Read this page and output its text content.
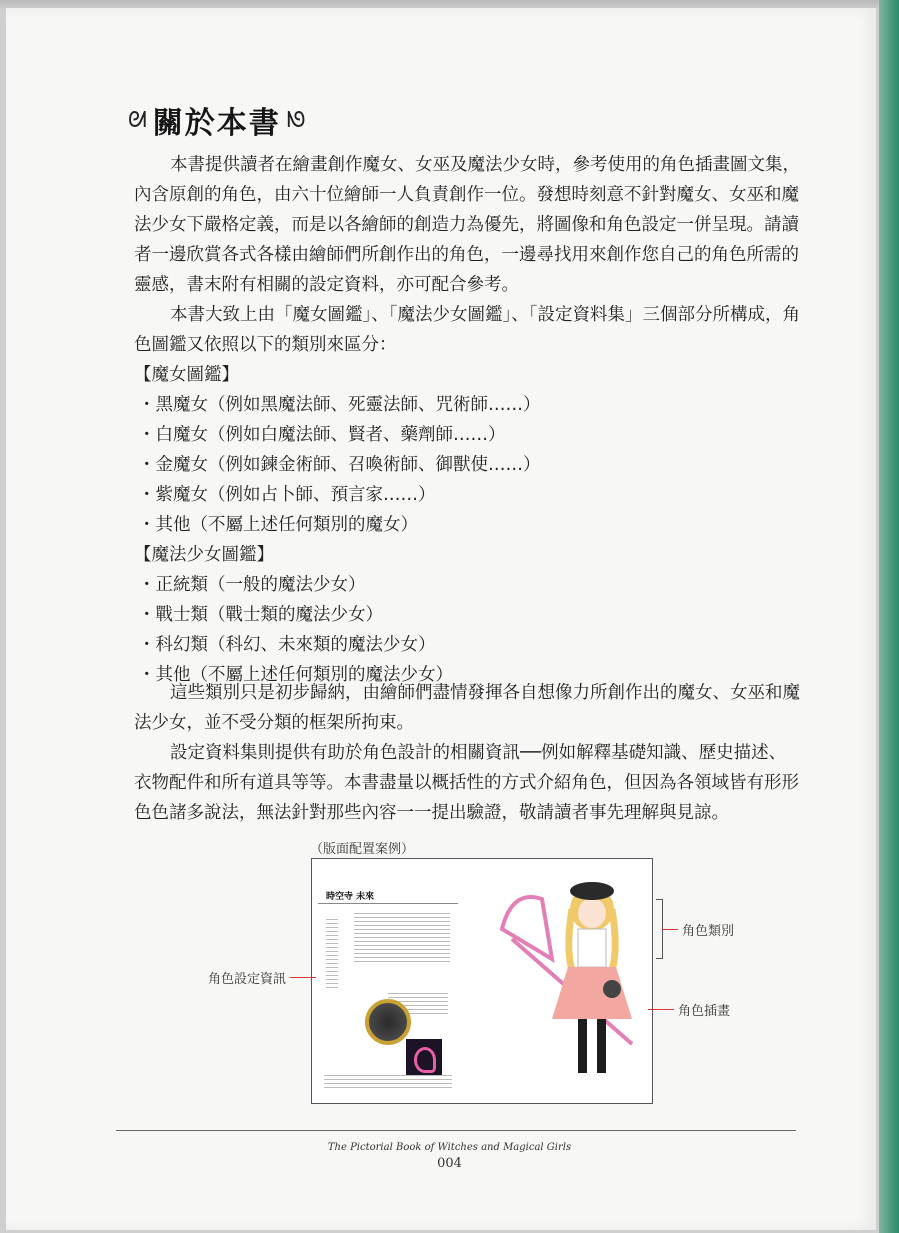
ᘛ 關於本書 ᘚ

本書提供讀者在繪畫創作魔女、女巫及魔法少女時，參考使用的角色插畫圖文集，內含原創的角色，由六十位繪師一人負責創作一位。發想時刻意不針對魔女、女巫和魔法少女下嚴格定義，而是以各繪師的創造力為優先，將圖像和角色設定一併呈現。請讀者一邊欣賞各式各樣由繪師們所創作出的角色，一邊尋找用來創作您自己的角色所需的靈感，書末附有相關的設定資料，亦可配合參考。

本書大致上由「魔女圖鑑」、「魔法少女圖鑑」、「設定資料集」三個部分所構成，角色圖鑑又依照以下的類別來區分：

【魔女圖鑑】

・ 黑魔女（例如黑魔法師、死靈法師、咒術師……）
・ 白魔女（例如白魔法師、賢者、藥劑師……）
・ 金魔女（例如鍊金術師、召喚術師、御獸使……）
・ 紫魔女（例如占卜師、預言家……）
・ 其他（不屬上述任何類別的魔女）

【魔法少女圖鑑】

・ 正統類（一般的魔法少女）
・ 戰士類（戰士類的魔法少女）
・ 科幻類（科幻、未來類的魔法少女）
・ 其他（不屬上述任何類別的魔法少女）

這些類別只是初步歸納，由繪師們盡情發揮各自想像力所創作出的魔女、女巫和魔法少女，並不受分類的框架所拘束。

設定資料集則提供有助於角色設計的相關資訊──例如解釋基礎知識、歷史描述、衣物配件和所有道具等等。本書盡量以概括性的方式介紹角色，但因為各領域皆有形形色色諸多說法，無法針對那些內容一一提出驗證，敬請讀者事先理解與見諒。

（版面配置案例）
時空寺 未來
角色設定資訊
角色類別
角色插畫
The Pictorial Book of Witches and Magical Girls
004
